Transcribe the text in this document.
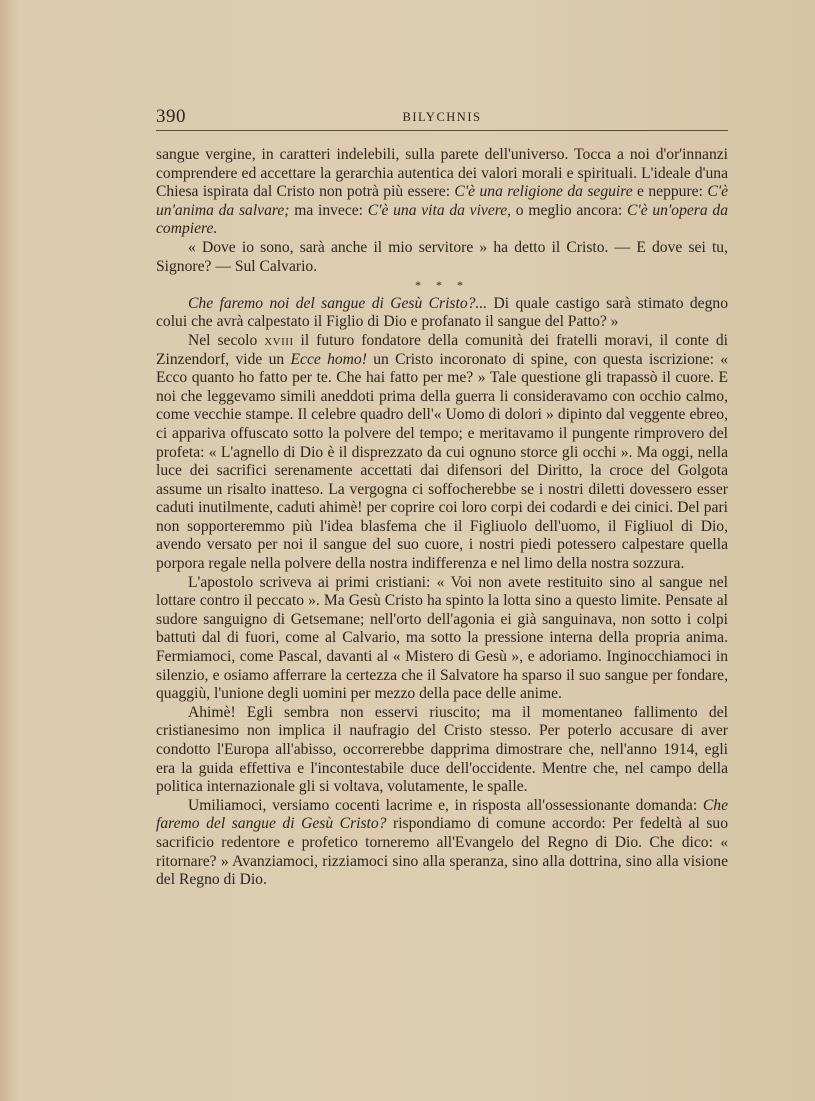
390	BILYCHNIS

sangue vergine, in caratteri indelebili, sulla parete dell'universo. Tocca a noi d'or'innanzi comprendere ed accettare la gerarchia autentica dei valori morali e spirituali. L'ideale d'una Chiesa ispirata dal Cristo non potrà più essere: C'è una religione da seguire e neppure: C'è un'anima da salvare; ma invece: C'è una vita da vivere, o meglio ancora: C'è un'opera da compiere.

« Dove io sono, sarà anche il mio servitore » ha detto il Cristo. — E dove sei tu, Signore? — Sul Calvario.

* * *

Che faremo noi del sangue di Gesù Cristo?... Di quale castigo sarà stimato degno colui che avrà calpestato il Figlio di Dio e profanato il sangue del Patto? »

Nel secolo xviii il futuro fondatore della comunità dei fratelli moravi, il conte di Zinzendorf, vide un Ecce homo! un Cristo incoronato di spine, con questa iscrizione: « Ecco quanto ho fatto per te. Che hai fatto per me? » Tale questione gli trapassò il cuore. E noi che leggevamo simili aneddoti prima della guerra li consideravamo con occhio calmo, come vecchie stampe. Il celebre quadro dell'« Uomo di dolori » dipinto dal veggente ebreo, ci appariva offuscato sotto la polvere del tempo; e meritavamo il pungente rimprovero del profeta: « L'agnello di Dio è il disprezzato da cui ognuno storce gli occhi ». Ma oggi, nella luce dei sacrifici serenamente accettati dai difensori del Diritto, la croce del Golgota assume un risalto inatteso. La vergogna ci soffocherebbe se i nostri diletti dovessero esser caduti inutilmente, caduti ahimè! per coprire coi loro corpi dei codardi e dei cinici. Del pari non sopporteremmo più l'idea blasfema che il Figliuolo dell'uomo, il Figliuol di Dio, avendo versato per noi il sangue del suo cuore, i nostri piedi potessero calpestare quella porpora regale nella polvere della nostra indifferenza e nel limo della nostra sozzura.

L'apostolo scriveva ai primi cristiani: « Voi non avete restituito sino al sangue nel lottare contro il peccato ». Ma Gesù Cristo ha spinto la lotta sino a questo limite. Pensate al sudore sanguigno di Getsemane; nell'orto dell'agonia ei già sanguinava, non sotto i colpi battuti dal di fuori, come al Calvario, ma sotto la pressione interna della propria anima. Fermiamoci, come Pascal, davanti al « Mistero di Gesù », e adoriamo. Inginocchiamoci in silenzio, e osiamo afferrare la certezza che il Salvatore ha sparso il suo sangue per fondare, quaggiù, l'unione degli uomini per mezzo della pace delle anime.

Ahimè! Egli sembra non esservi riuscito; ma il momentaneo fallimento del cristianesimo non implica il naufragio del Cristo stesso. Per poterlo accusare di aver condotto l'Europa all'abisso, occorrerebbe dapprima dimostrare che, nell'anno 1914, egli era la guida effettiva e l'incontestabile duce dell'occidente. Mentre che, nel campo della politica internazionale gli si voltava, volutamente, le spalle.

Umiliamoci, versiamo cocenti lacrime e, in risposta all'ossessionante domanda: Che faremo del sangue di Gesù Cristo? rispondiamo di comune accordo: Per fedeltà al suo sacrificio redentore e profetico torneremo all'Evangelo del Regno di Dio. Che dico: « ritornare? » Avanziamoci, rizziamoci sino alla speranza, sino alla dottrina, sino alla visione del Regno di Dio.
